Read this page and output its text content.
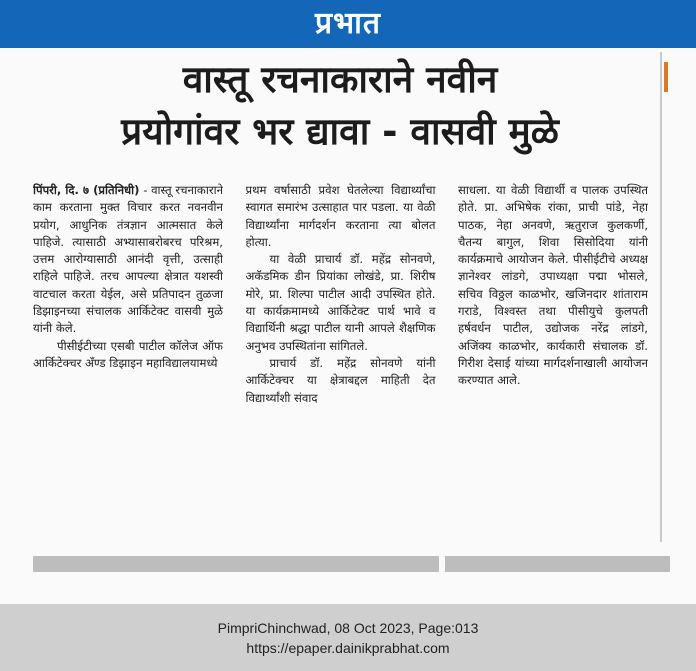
प्रभात
वास्तू रचनाकाराने नवीन
प्रयोगांवर भर द्यावा - वासवी मुळे

पिंपरी, दि. ७ (प्रतिनिधी) - वास्तू रचनाकाराने काम करताना मुक्त विचार करत नवनवीन प्रयोग, आधुनिक तंत्रज्ञान आत्मसात केले पाहिजे. त्यासाठी अभ्यासाबरोबरच परिश्रम, उत्तम आरोग्यासाठी आनंदी वृत्ती, उत्साही राहिले पाहिजे. तरच आपल्या क्षेत्रात यशस्वी वाटचाल करता येईल, असे प्रतिपादन तुळजा डिझाइनच्या संचालक आर्किटेक्ट वासवी मुळे यांनी केले.

पीसीईटीच्या एसबी पाटील कॉलेज ऑफ आर्किटेक्चर अँण्ड डिझाइन महाविद्यालयामध्ये

प्रथम वर्षासाठी प्रवेश घेतलेल्या विद्यार्थ्यांचा स्वागत समारंभ उत्साहात पार पडला. या वेळी विद्यार्थ्यांना मार्गदर्शन करताना त्या बोलत होत्या.

या वेळी प्राचार्य डॉ. महेंद्र सोनवणे, अकॅडमिक डीन प्रियांका लोखंडे, प्रा. शिरीष मोरे, प्रा. शिल्पा पाटील आदी उपस्थित होते. या कार्यक्रमामध्ये आर्किटेक्ट पार्थ भावे व विद्यार्थिनी श्रद्धा पाटील यानी आपले शैक्षणिक अनुभव उपस्थितांना सांगितले.

प्राचार्य डॉ. महेंद्र सोनवणे यांनी आर्किटेक्चर या क्षेत्राबद्दल माहिती देत विद्यार्थ्यांशी संवाद

साधला. या वेळी विद्यार्थी व पालक उपस्थित होते. प्रा. अभिषेक रांका, प्राची पांडे, नेहा पाठक, नेहा अनवणे, ऋतुराज कुलकर्णी, चैतन्य बागुल, शिवा सिसोदिया यांनी कार्यक्रमाचे आयोजन केले. पीसीईटीचे अध्यक्ष ज्ञानेश्वर लांडगे, उपाध्यक्षा पद्मा भोसले, सचिव विठ्ठल काळभोर, खजिनदार शांताराम गराडे, विश्वस्त तथा पीसीयुचे कुलपती हर्षवर्धन पाटील, उद्योजक नरेंद्र लांडगे, अजिंक्य काळभोर, कार्यकारी संचालक डॉ. गिरीश देसाई यांच्या मार्गदर्शनाखाली आयोजन करण्यात आले.

PimpriChinchwad, 08 Oct 2023, Page:013
https://epaper.dainikprabhat.com
